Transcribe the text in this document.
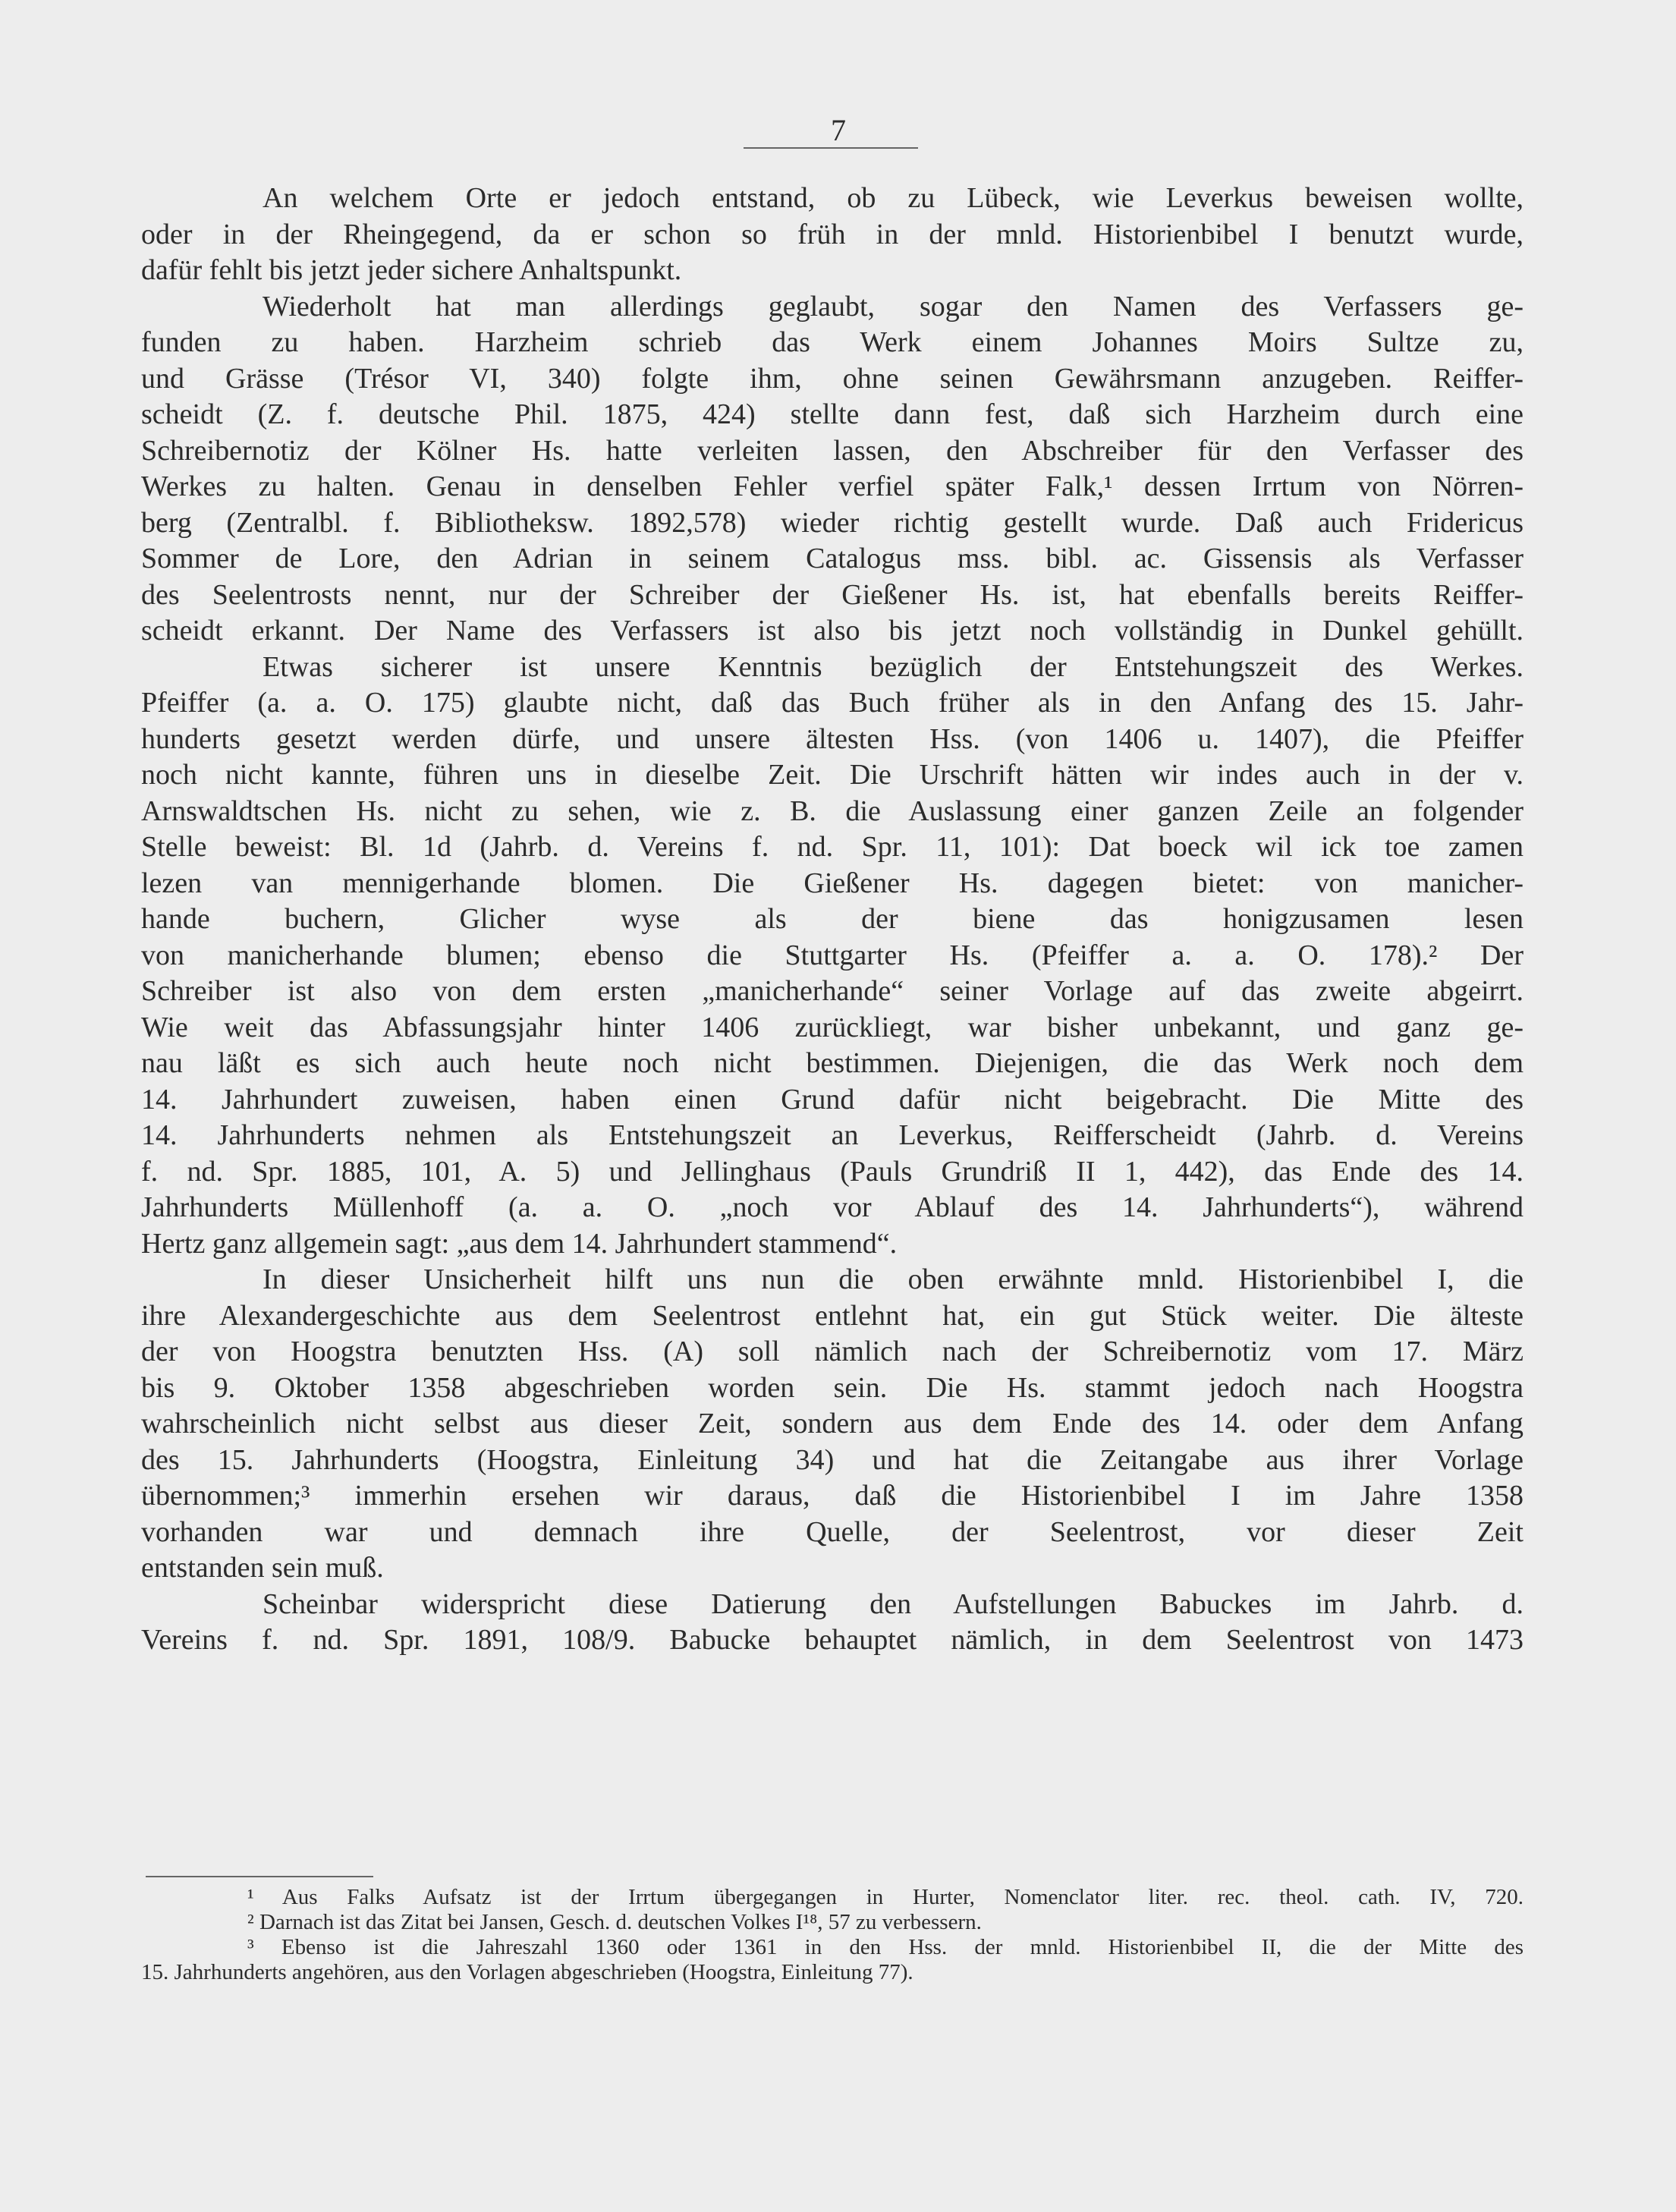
7
An welchem Orte er jedoch entstand, ob zu Lübeck, wie Leverkus beweisen wollte,
oder in der Rheingegend, da er schon so früh in der mnld. Historienbibel I benutzt wurde,
dafür fehlt bis jetzt jeder sichere Anhaltspunkt.
Wiederholt hat man allerdings geglaubt, sogar den Namen des Verfassers ge-
funden zu haben. Harzheim schrieb das Werk einem Johannes Moirs Sultze zu,
und Grässe (Trésor VI, 340) folgte ihm, ohne seinen Gewährsmann anzugeben. Reiffer-
scheidt (Z. f. deutsche Phil. 1875, 424) stellte dann fest, daß sich Harzheim durch eine
Schreibernotiz der Kölner Hs. hatte verleiten lassen, den Abschreiber für den Verfasser des
Werkes zu halten. Genau in denselben Fehler verfiel später Falk,¹ dessen Irrtum von Nörren-
berg (Zentralbl. f. Bibliotheksw. 1892,578) wieder richtig gestellt wurde. Daß auch Fridericus
Sommer de Lore, den Adrian in seinem Catalogus mss. bibl. ac. Gissensis als Verfasser
des Seelentrosts nennt, nur der Schreiber der Gießener Hs. ist, hat ebenfalls bereits Reiffer-
scheidt erkannt. Der Name des Verfassers ist also bis jetzt noch vollständig in Dunkel gehüllt.
Etwas sicherer ist unsere Kenntnis bezüglich der Entstehungszeit des Werkes.
Pfeiffer (a. a. O. 175) glaubte nicht, daß das Buch früher als in den Anfang des 15. Jahr-
hunderts gesetzt werden dürfe, und unsere ältesten Hss. (von 1406 u. 1407), die Pfeiffer
noch nicht kannte, führen uns in dieselbe Zeit. Die Urschrift hätten wir indes auch in der v.
Arnswaldtschen Hs. nicht zu sehen, wie z. B. die Auslassung einer ganzen Zeile an folgender
Stelle beweist: Bl. 1d (Jahrb. d. Vereins f. nd. Spr. 11, 101): Dat boeck wil ick toe zamen
lezen van mennigerhande blomen. Die Gießener Hs. dagegen bietet: von manicher-
hande buchern, Glicher wyse als der biene das honigzusamen lesen
von manicherhande blumen; ebenso die Stuttgarter Hs. (Pfeiffer a. a. O. 178).² Der
Schreiber ist also von dem ersten „manicherhande“ seiner Vorlage auf das zweite abgeirrt.
Wie weit das Abfassungsjahr hinter 1406 zurückliegt, war bisher unbekannt, und ganz ge-
nau läßt es sich auch heute noch nicht bestimmen. Diejenigen, die das Werk noch dem
14. Jahrhundert zuweisen, haben einen Grund dafür nicht beigebracht. Die Mitte des
14. Jahrhunderts nehmen als Entstehungszeit an Leverkus, Reifferscheidt (Jahrb. d. Vereins
f. nd. Spr. 1885, 101, A. 5) und Jellinghaus (Pauls Grundriß II 1, 442), das Ende des 14.
Jahrhunderts Müllenhoff (a. a. O. „noch vor Ablauf des 14. Jahrhunderts“), während
Hertz ganz allgemein sagt: „aus dem 14. Jahrhundert stammend“.
In dieser Unsicherheit hilft uns nun die oben erwähnte mnld. Historienbibel I, die
ihre Alexandergeschichte aus dem Seelentrost entlehnt hat, ein gut Stück weiter. Die älteste
der von Hoogstra benutzten Hss. (A) soll nämlich nach der Schreibernotiz vom 17. März
bis 9. Oktober 1358 abgeschrieben worden sein. Die Hs. stammt jedoch nach Hoogstra
wahrscheinlich nicht selbst aus dieser Zeit, sondern aus dem Ende des 14. oder dem Anfang
des 15. Jahrhunderts (Hoogstra, Einleitung 34) und hat die Zeitangabe aus ihrer Vorlage
übernommen;³ immerhin ersehen wir daraus, daß die Historienbibel I im Jahre 1358
vorhanden war und demnach ihre Quelle, der Seelentrost, vor dieser Zeit
entstanden sein muß.
Scheinbar widerspricht diese Datierung den Aufstellungen Babuckes im Jahrb. d.
Vereins f. nd. Spr. 1891, 108/9. Babucke behauptet nämlich, in dem Seelentrost von 1473
¹ Aus Falks Aufsatz ist der Irrtum übergegangen in Hurter, Nomenclator liter. rec. theol. cath. IV, 720.
² Darnach ist das Zitat bei Jansen, Gesch. d. deutschen Volkes I¹⁸, 57 zu verbessern.
³ Ebenso ist die Jahreszahl 1360 oder 1361 in den Hss. der mnld. Historienbibel II, die der Mitte des
15. Jahrhunderts angehören, aus den Vorlagen abgeschrieben (Hoogstra, Einleitung 77).
